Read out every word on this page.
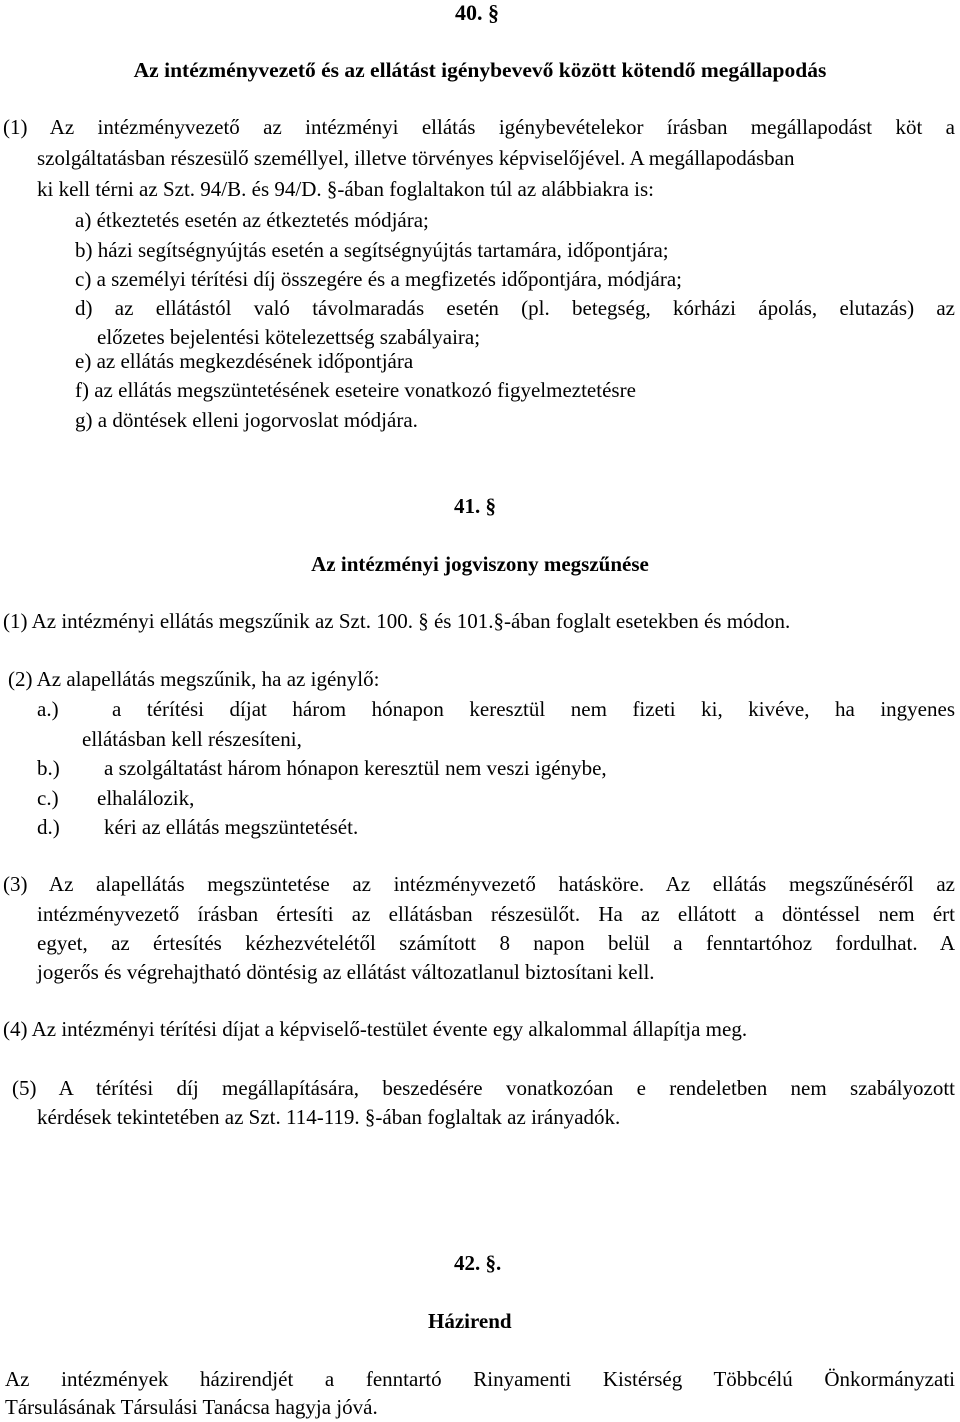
40. §
Az intézményvezető és az ellátást igénybevevő között kötendő megállapodás
(1) Az intézményvezető az intézményi ellátás igénybevételekor írásban megállapodást köt a
szolgáltatásban részesülő személlyel, illetve törvényes képviselőjével. A megállapodásban
ki kell térni az Szt. 94/B. és 94/D. §-ában foglaltakon túl az alábbiakra is:
a) étkeztetés esetén az étkeztetés módjára;
b) házi segítségnyújtás esetén a segítségnyújtás tartamára, időpontjára;
c) a személyi térítési díj összegére és a megfizetés időpontjára, módjára;
d) az ellátástól való távolmaradás esetén (pl. betegség, kórházi ápolás, elutazás) az
előzetes bejelentési kötelezettség szabályaira;
e) az ellátás megkezdésének időpontjára
f) az ellátás megszüntetésének eseteire vonatkozó figyelmeztetésre
g) a döntések elleni jogorvoslat módjára.
41. §
Az intézményi jogviszony megszűnése
(1) Az intézményi ellátás megszűnik az Szt. 100. § és 101.§-ában foglalt esetekben és módon.
(2) Az alapellátás megszűnik, ha az igénylő:
a.)	a térítési díjat három hónapon keresztül nem fizeti ki, kivéve, ha ingyenes
ellátásban kell részesíteni,
b.) a szolgáltatást három hónapon keresztül nem veszi igénybe,
c.) elhalálozik,
d.) kéri az ellátás megszüntetését.
(3) Az alapellátás megszüntetése az intézményvezető hatásköre. Az ellátás megszűnéséről az
intézményvezető írásban értesíti az ellátásban részesülőt. Ha az ellátott a döntéssel nem ért
egyet, az értesítés kézhezvételétől számított 8 napon belül a fenntartóhoz fordulhat. A
jogerős és végrehajtható döntésig az ellátást változatlanul biztosítani kell.
(4) Az intézményi térítési díjat a képviselő-testület évente egy alkalommal állapítja meg.
(5) A térítési díj megállapítására, beszedésére vonatkozóan e rendeletben nem szabályozott
kérdések tekintetében az Szt. 114-119. §-ában foglaltak az irányadók.
42. §.
Házirend
Az intézmények házirendjét a fenntartó Rinyamenti Kistérség Többcélú Önkormányzati
Társulásának Társulási Tanácsa hagyja jóvá.
